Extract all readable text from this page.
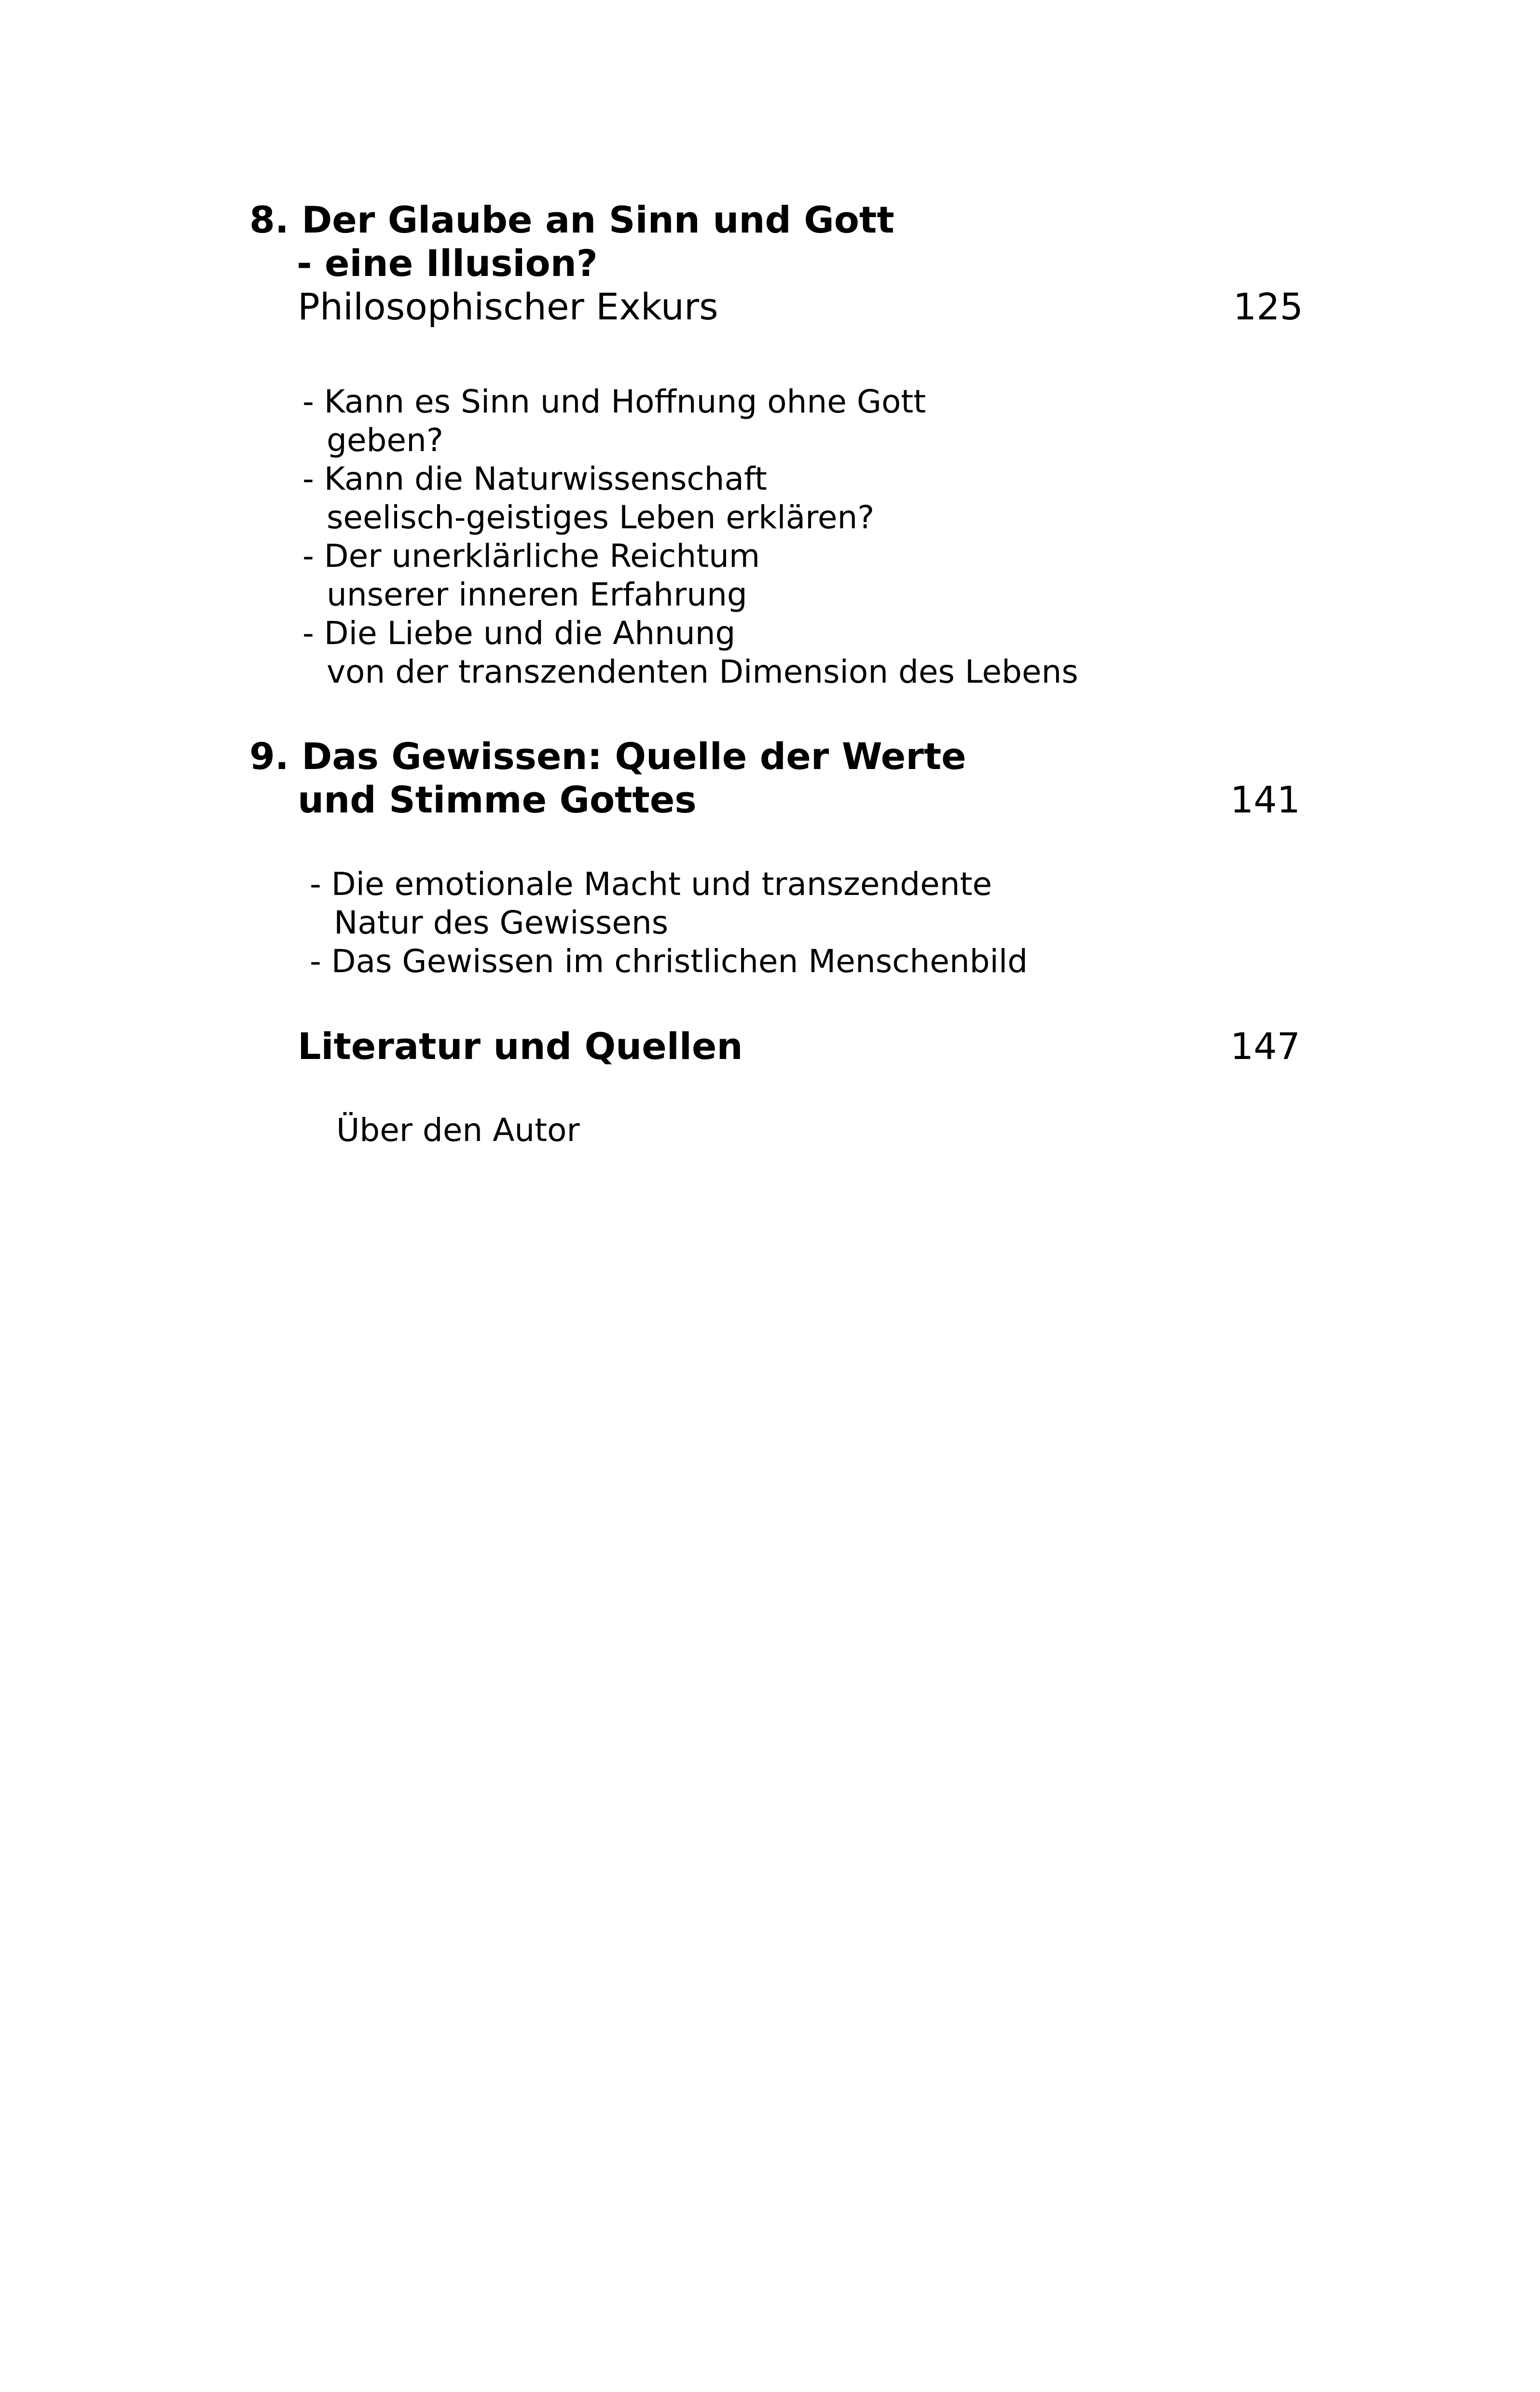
8. Der Glaube an Sinn und Gott
- eine Illusion?
Philosophischer Exkurs	125
- Kann es Sinn und Hoffnung ohne Gott
geben?
- Kann die Naturwissenschaft
seelisch-geistiges Leben erklären?
- Der unerklärliche Reichtum
unserer inneren Erfahrung
- Die Liebe und die Ahnung
von der transzendenten Dimension des Lebens
9. Das Gewissen: Quelle der Werte
und Stimme Gottes	141
- Die emotionale Macht und transzendente
Natur des Gewissens
- Das Gewissen im christlichen Menschenbild
Literatur und Quellen	147
Über den Autor
